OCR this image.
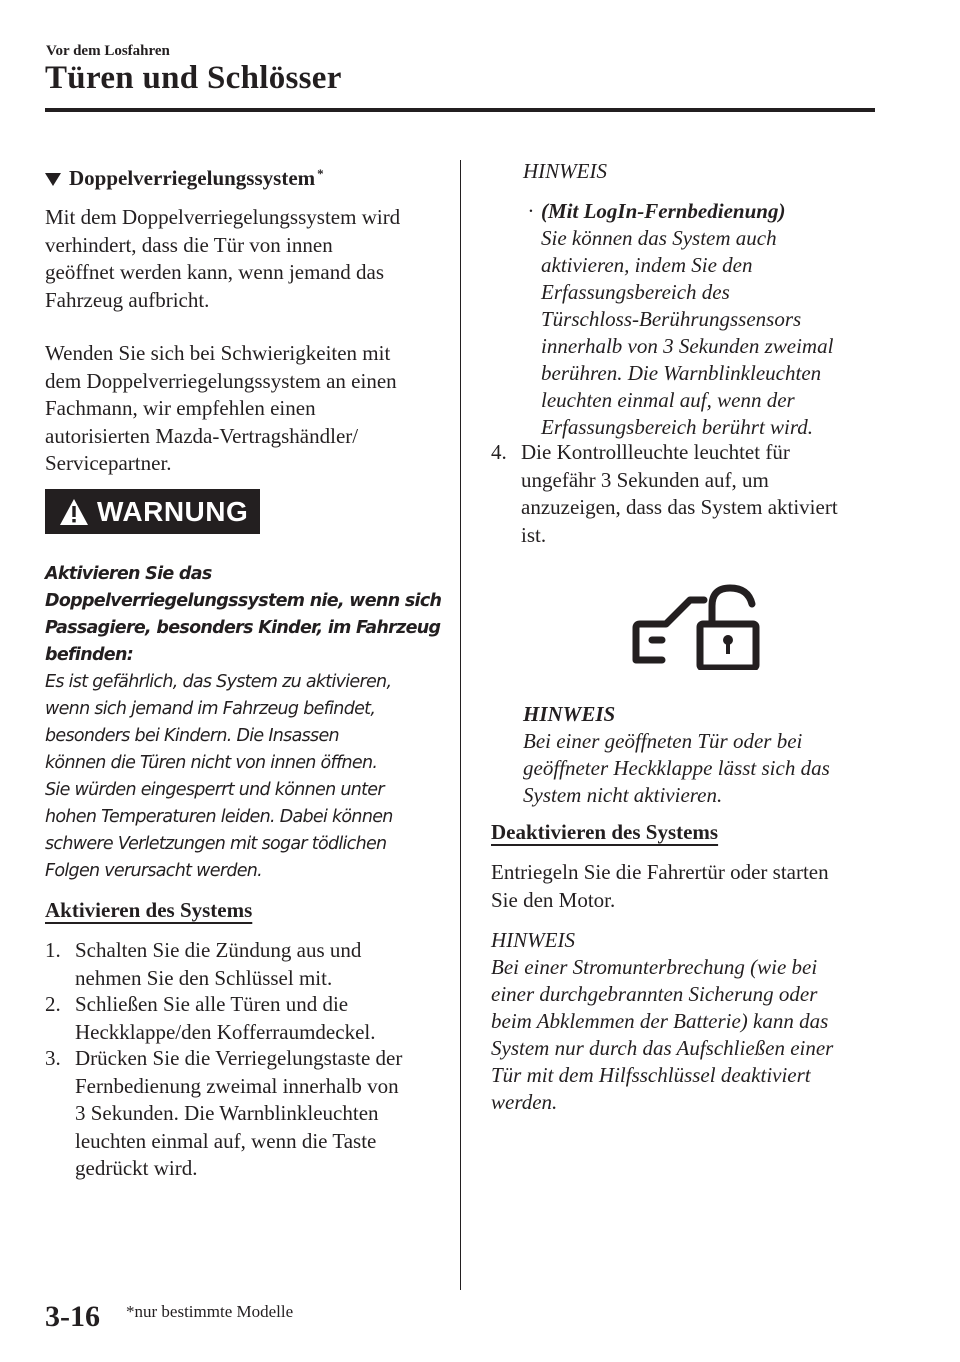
Vor dem Losfahren
Türen und Schlösser
Doppelverriegelungssystem*
Mit dem Doppelverriegelungssystem wird
verhindert, dass die Tür von innen
geöffnet werden kann, wenn jemand das
Fahrzeug aufbricht.
Wenden Sie sich bei Schwierigkeiten mit
dem Doppelverriegelungssystem an einen
Fachmann, wir empfehlen einen
autorisierten Mazda-Vertragshändler/
Servicepartner.
WARNUNG
Aktivieren Sie das
Doppelverriegelungssystem nie, wenn sich
Passagiere, besonders Kinder, im Fahrzeug
befinden:
Es ist gefährlich, das System zu aktivieren,
wenn sich jemand im Fahrzeug befindet,
besonders bei Kindern. Die Insassen
können die Türen nicht von innen öffnen.
Sie würden eingesperrt und können unter
hohen Temperaturen leiden. Dabei können
schwere Verletzungen mit sogar tödlichen
Folgen verursacht werden.
Aktivieren des Systems
1. Schalten Sie die Zündung aus und
nehmen Sie den Schlüssel mit.
2. Schließen Sie alle Türen und die
Heckklappe/den Kofferraumdeckel.
3. Drücken Sie die Verriegelungstaste der
Fernbedienung zweimal innerhalb von
3 Sekunden. Die Warnblinkleuchten
leuchten einmal auf, wenn die Taste
gedrückt wird.
HINWEIS
· (Mit LogIn-Fernbedienung)
Sie können das System auch
aktivieren, indem Sie den
Erfassungsbereich des
Türschloss-Berührungssensors
innerhalb von 3 Sekunden zweimal
berühren. Die Warnblinkleuchten
leuchten einmal auf, wenn der
Erfassungsbereich berührt wird.
4. Die Kontrollleuchte leuchtet für
ungefähr 3 Sekunden auf, um
anzuzeigen, dass das System aktiviert
ist.
HINWEIS
Bei einer geöffneten Tür oder bei
geöffneter Heckklappe lässt sich das
System nicht aktivieren.
Deaktivieren des Systems
Entriegeln Sie die Fahrertür oder starten
Sie den Motor.
HINWEIS
Bei einer Stromunterbrechung (wie bei
einer durchgebrannten Sicherung oder
beim Abklemmen der Batterie) kann das
System nur durch das Aufschließen einer
Tür mit dem Hilfsschlüssel deaktiviert
werden.
3-16 *nur bestimmte Modelle
